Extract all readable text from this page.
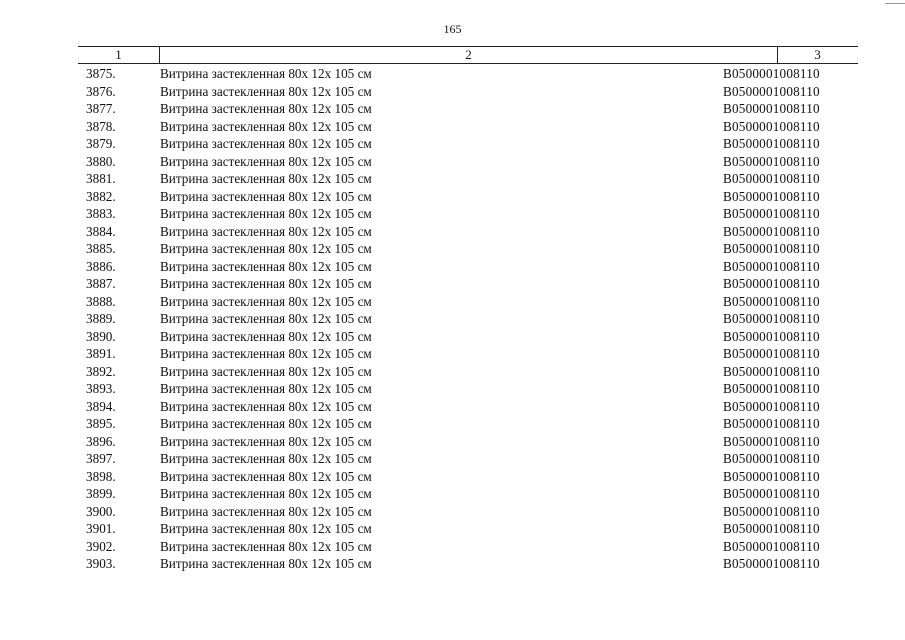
165
1	2	3
3875.	Витрина застекленная 80х 12х 105 см	В0500001008110
3876.	Витрина застекленная 80х 12х 105 см	В0500001008110
3877.	Витрина застекленная 80х 12х 105 см	В0500001008110
3878.	Витрина застекленная 80х 12х 105 см	В0500001008110
3879.	Витрина застекленная 80х 12х 105 см	В0500001008110
3880.	Витрина застекленная 80х 12х 105 см	В0500001008110
3881.	Витрина застекленная 80х 12х 105 см	В0500001008110
3882.	Витрина застекленная 80х 12х 105 см	В0500001008110
3883.	Витрина застекленная 80х 12х 105 см	В0500001008110
3884.	Витрина застекленная 80х 12х 105 см	В0500001008110
3885.	Витрина застекленная 80х 12х 105 см	В0500001008110
3886.	Витрина застекленная 80х 12х 105 см	В0500001008110
3887.	Витрина застекленная 80х 12х 105 см	В0500001008110
3888.	Витрина застекленная 80х 12х 105 см	В0500001008110
3889.	Витрина застекленная 80х 12х 105 см	В0500001008110
3890.	Витрина застекленная 80х 12х 105 см	В0500001008110
3891.	Витрина застекленная 80х 12х 105 см	В0500001008110
3892.	Витрина застекленная 80х 12х 105 см	В0500001008110
3893.	Витрина застекленная 80х 12х 105 см	В0500001008110
3894.	Витрина застекленная 80х 12х 105 см	В0500001008110
3895.	Витрина застекленная 80х 12х 105 см	В0500001008110
3896.	Витрина застекленная 80х 12х 105 см	В0500001008110
3897.	Витрина застекленная 80х 12х 105 см	В0500001008110
3898.	Витрина застекленная 80х 12х 105 см	В0500001008110
3899.	Витрина застекленная 80х 12х 105 см	В0500001008110
3900.	Витрина застекленная 80х 12х 105 см	В0500001008110
3901.	Витрина застекленная 80х 12х 105 см	В0500001008110
3902.	Витрина застекленная 80х 12х 105 см	В0500001008110
3903.	Витрина застекленная 80х 12х 105 см	В0500001008110
